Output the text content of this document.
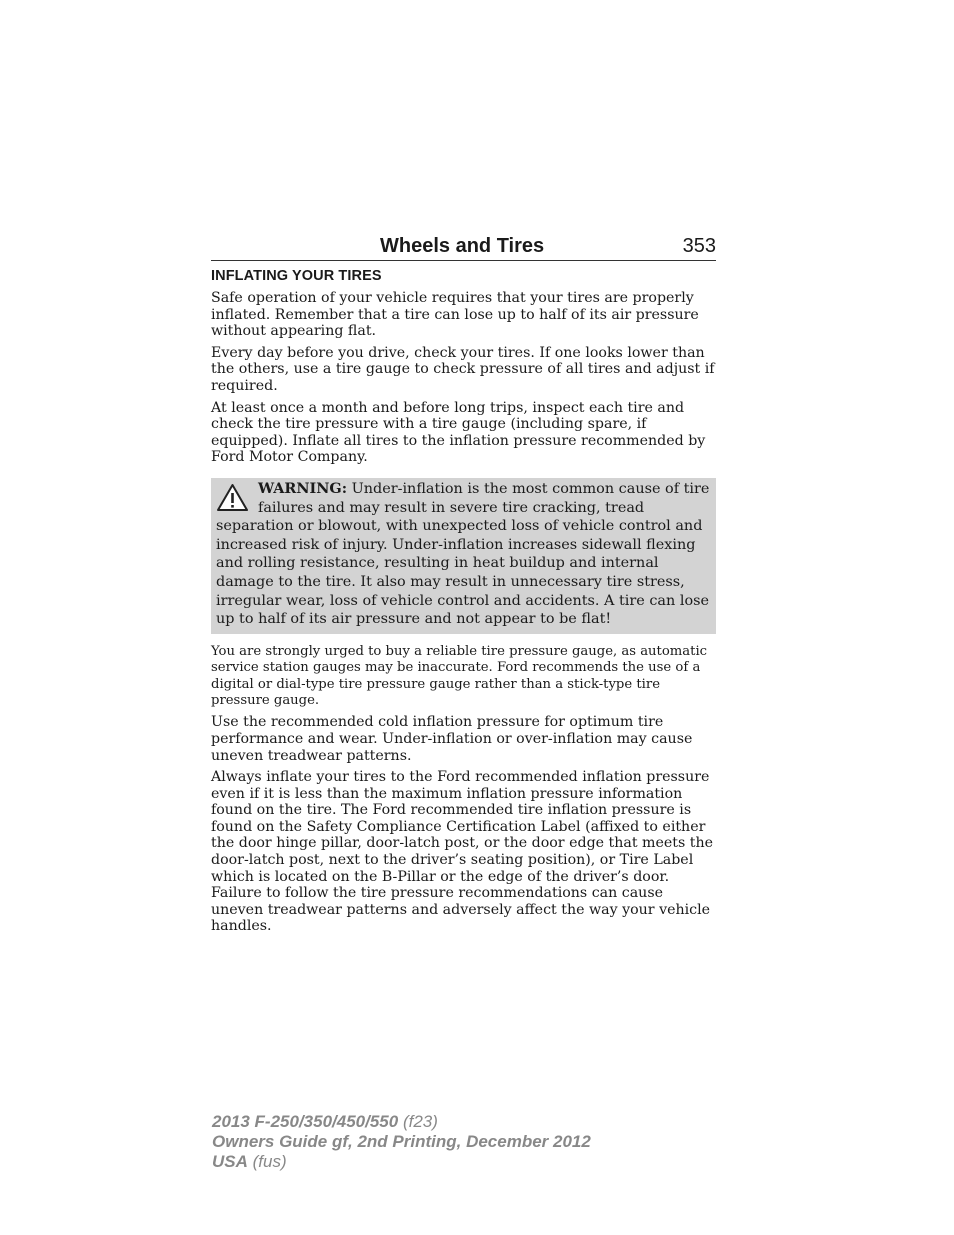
Wheels and Tires	353
INFLATING YOUR TIRES

Safe operation of your vehicle requires that your tires are properly inflated. Remember that a tire can lose up to half of its air pressure without appearing flat.

Every day before you drive, check your tires. If one looks lower than the others, use a tire gauge to check pressure of all tires and adjust if required.

At least once a month and before long trips, inspect each tire and check the tire pressure with a tire gauge (including spare, if equipped). Inflate all tires to the inflation pressure recommended by Ford Motor Company.

WARNING: Under-inflation is the most common cause of tire failures and may result in severe tire cracking, tread separation or blowout, with unexpected loss of vehicle control and increased risk of injury. Under-inflation increases sidewall flexing and rolling resistance, resulting in heat buildup and internal damage to the tire. It also may result in unnecessary tire stress, irregular wear, loss of vehicle control and accidents. A tire can lose up to half of its air pressure and not appear to be flat!

You are strongly urged to buy a reliable tire pressure gauge, as automatic service station gauges may be inaccurate. Ford recommends the use of a digital or dial-type tire pressure gauge rather than a stick-type tire pressure gauge.

Use the recommended cold inflation pressure for optimum tire performance and wear. Under-inflation or over-inflation may cause uneven treadwear patterns.

Always inflate your tires to the Ford recommended inflation pressure even if it is less than the maximum inflation pressure information found on the tire. The Ford recommended tire inflation pressure is found on the Safety Compliance Certification Label (affixed to either the door hinge pillar, door-latch post, or the door edge that meets the door-latch post, next to the driver’s seating position), or Tire Label which is located on the B-Pillar or the edge of the driver’s door. Failure to follow the tire pressure recommendations can cause uneven treadwear patterns and adversely affect the way your vehicle handles.

2013 F-250/350/450/550 (f23)
Owners Guide gf, 2nd Printing, December 2012
USA (fus)
